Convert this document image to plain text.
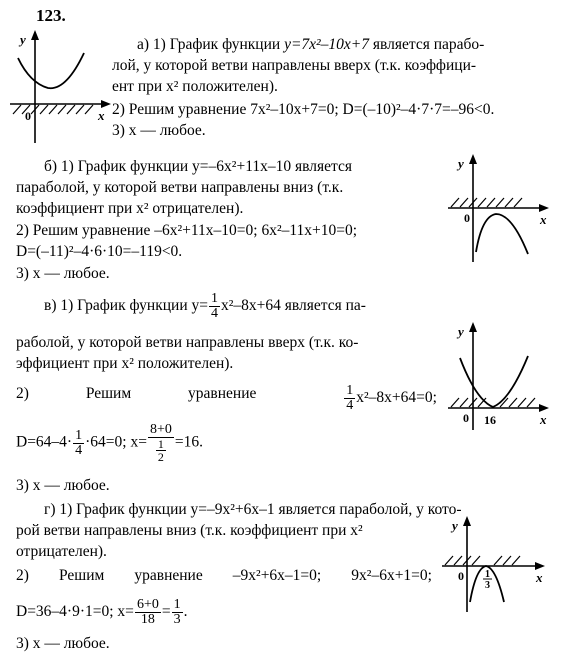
123.
y
x
0
а) 1) График функции y=7x²–10x+7 является парабо-
лой, у которой ветви направлены вверх (т.к. коэффици-
ент при x² положителен).
2) Решим уравнение 7x²–10x+7=0; D=(–10)²–4·7·7=–96<0.
3) x — любое.
y
x
0
б) 1) График функции y=–6x²+11x–10 является
параболой, у которой ветви направлены вниз (т.к.
коэффициент при x² отрицателен).
2) Решим уравнение –6x²+11x–10=0; 6x²–11x+10=0;
D=(–11)²–4·6·10=–119<0.
3) x — любое.
y
x
0 16
в) 1) График функции $y= \frac{1}{4} x^2-8x+64$ является па-
раболой, у которой ветви направлены вверх (т.к. ко-
эффициент при x² положителен).
2)	Решим	уравнение	$\frac{1}{4} x^2-8x+64=0$;
$D=64-4\cdot \frac{1}{4} \cdot 64=0$; $x= \frac{8+0}{\frac{1}{2}} =16$.
3) x — любое.
y
x
0 1
3
г) 1) График функции y=–9x²+6x–1 является параболой, у кото-
рой ветви направлены вниз (т.к. коэффициент при x²
отрицателен).
2) Решим уравнение –9x²+6x–1=0; 9x²–6x+1=0;
D=36–4·9·1=0; $x= \frac{6+0}{18} = \frac{1}{3}$ .
3) x — любое.
